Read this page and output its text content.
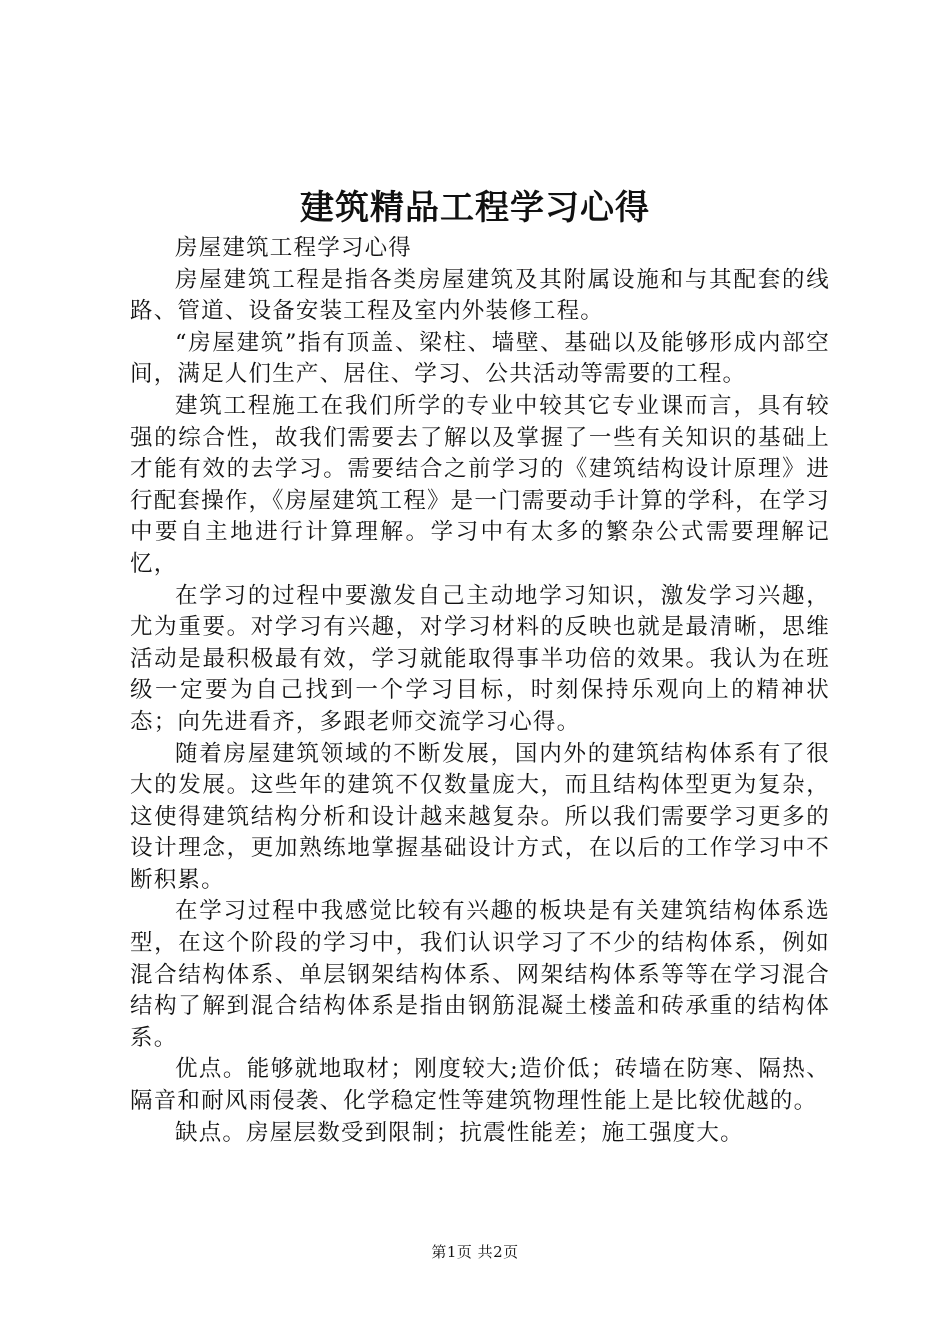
建筑精品工程学习心得

房屋建筑工程学习心得

房屋建筑工程是指各类房屋建筑及其附属设施和与其配套的线路、管道、设备安装工程及室内外装修工程。

“房屋建筑”指有顶盖、梁柱、墙壁、基础以及能够形成内部空间，满足人们生产、居住、学习、公共活动等需要的工程。

建筑工程施工在我们所学的专业中较其它专业课而言，具有较强的综合性，故我们需要去了解以及掌握了一些有关知识的基础上才能有效的去学习。需要结合之前学习的《建筑结构设计原理》进行配套操作，《房屋建筑工程》是一门需要动手计算的学科，在学习中要自主地进行计算理解。学习中有太多的繁杂公式需要理解记忆，

在学习的过程中要激发自己主动地学习知识，激发学习兴趣，尤为重要。对学习有兴趣，对学习材料的反映也就是最清晰，思维活动是最积极最有效，学习就能取得事半功倍的效果。我认为在班级一定要为自己找到一个学习目标，时刻保持乐观向上的精神状态；向先进看齐，多跟老师交流学习心得。

随着房屋建筑领域的不断发展，国内外的建筑结构体系有了很大的发展。这些年的建筑不仅数量庞大，而且结构体型更为复杂，这使得建筑结构分析和设计越来越复杂。所以我们需要学习更多的设计理念，更加熟练地掌握基础设计方式，在以后的工作学习中不断积累。

在学习过程中我感觉比较有兴趣的板块是有关建筑结构体系选型，在这个阶段的学习中，我们认识学习了不少的结构体系，例如混合结构体系、单层钢架结构体系、网架结构体系等等在学习混合结构了解到混合结构体系是指由钢筋混凝土楼盖和砖承重的结构体系。

优点。能够就地取材；刚度较大;造价低；砖墙在防寒、隔热、隔音和耐风雨侵袭、化学稳定性等建筑物理性能上是比较优越的。

缺点。房屋层数受到限制；抗震性能差；施工强度大。

第1页 共2页
